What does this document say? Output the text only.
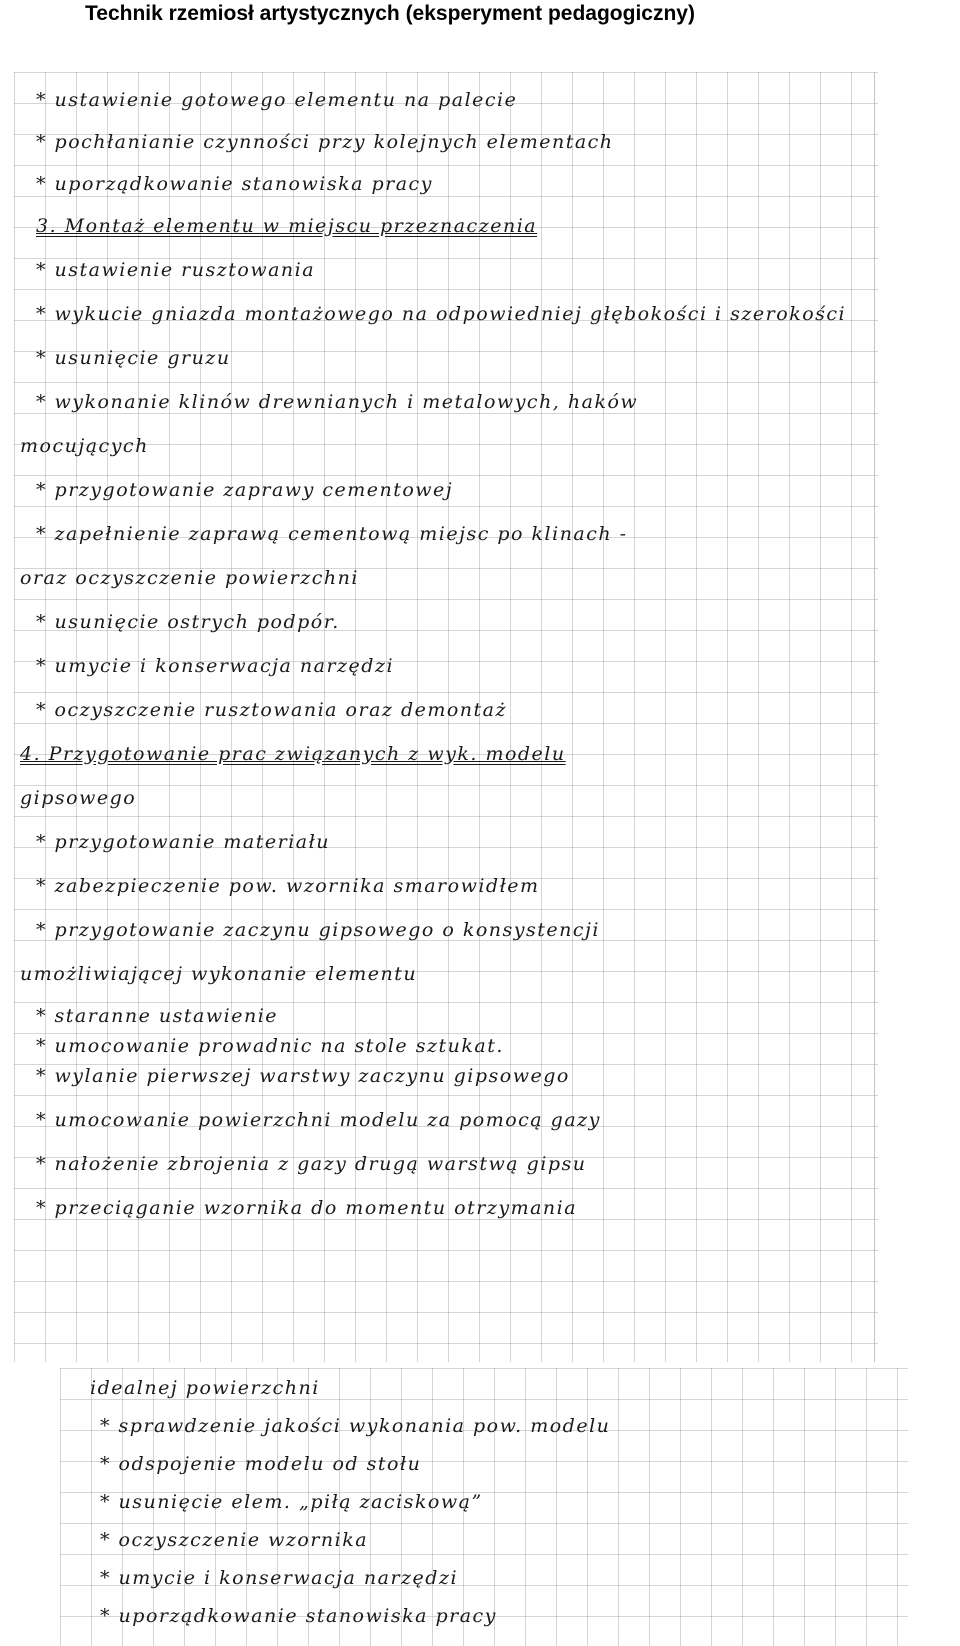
Technik rzemiosł artystycznych (eksperyment pedagogiczny)
* ustawienie gotowego elementu na palecie
* pochłanianie czynności przy kolejnych elementach
* uporządkowanie stanowiska pracy
3. Montaż elementu w miejscu przeznaczenia
* ustawienie rusztowania
* wykucie gniazda montażowego na odpowiedniej głębokości i szerokości
* usunięcie gruzu
* wykonanie klinów drewnianych i metalowych, haków
mocujących
* przygotowanie zaprawy cementowej
* zapełnienie zaprawą cementową miejsc po klinach -
oraz oczyszczenie powierzchni
* usunięcie ostrych podpór.
* umycie i konserwacja narzędzi
* oczyszczenie rusztowania oraz demontaż
4. Przygotowanie prac związanych z wyk. modelu
gipsowego
* przygotowanie materiału
* zabezpieczenie pow. wzornika smarowidłem
* przygotowanie zaczynu gipsowego o konsystencji
umożliwiającej wykonanie elementu
* staranne ustawienie
* umocowanie prowadnic na stole sztukat.
* wylanie pierwszej warstwy zaczynu gipsowego
* umocowanie powierzchni modelu za pomocą gazy
* nałożenie zbrojenia z gazy drugą warstwą gipsu
* przeciąganie wzornika do momentu otrzymania
idealnej powierzchni
* sprawdzenie jakości wykonania pow. modelu
* odspojenie modelu od stołu
* usunięcie elem. „piłą zaciskową”
* oczyszczenie wzornika
* umycie i konserwacja narzędzi
* uporządkowanie stanowiska pracy
